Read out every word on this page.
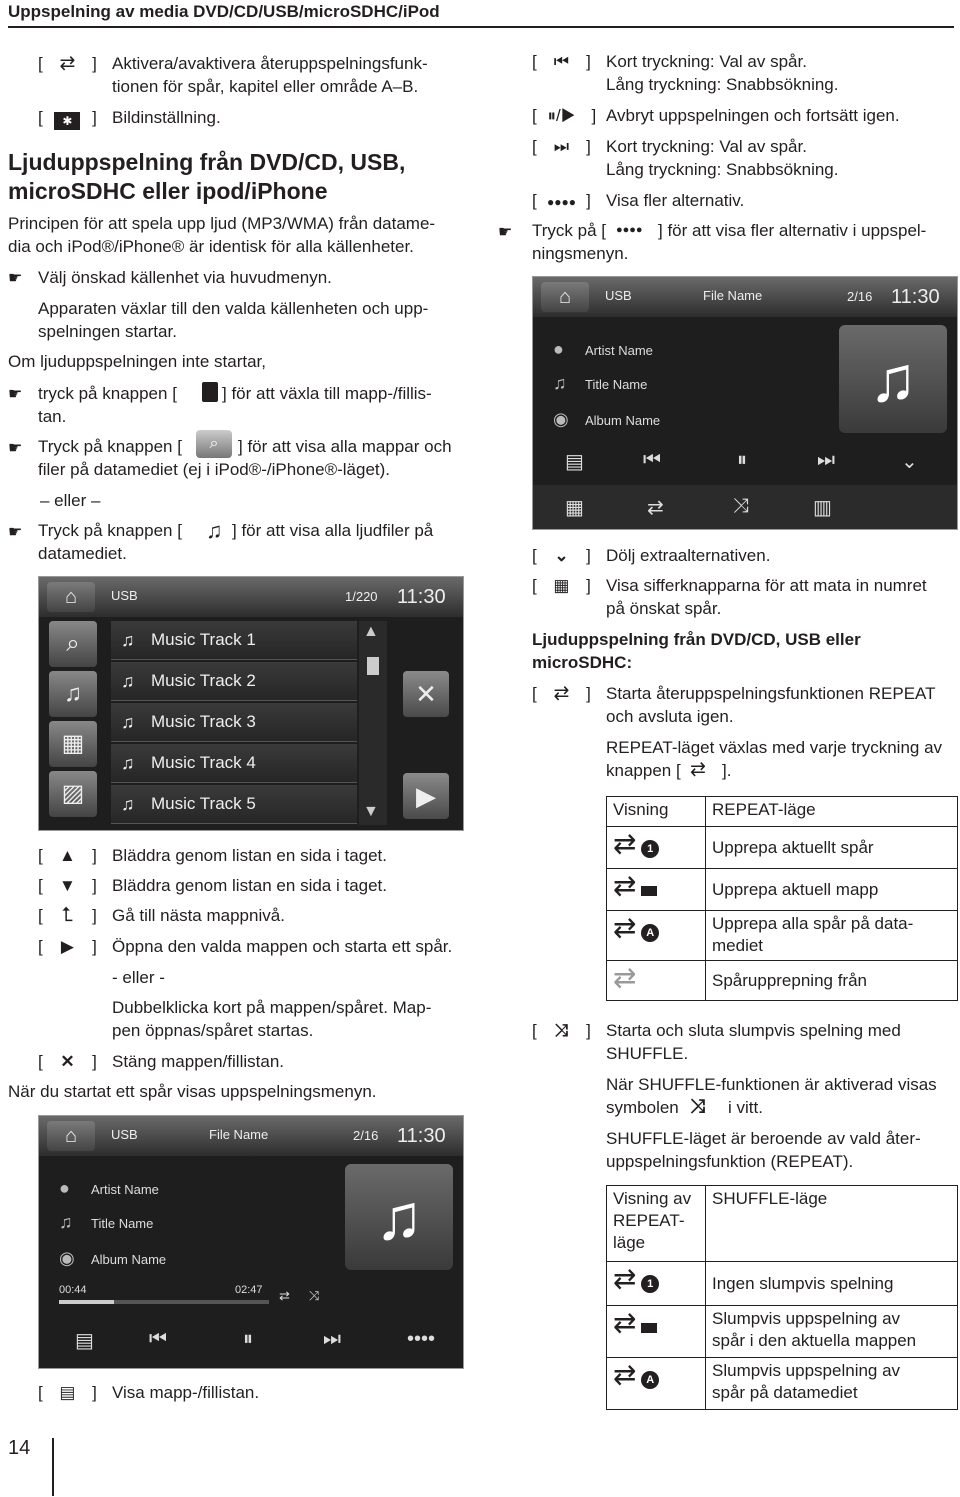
Uppspelning av media DVD/CD/USB/microSDHC/iPod
[ ⇄ ] Aktivera/avaktivera återuppspelningsfunk-
tionen för spår, kapitel eller område A–B.
[ ✱ ] Bildinställning.
Ljuduppspelning från DVD/CD, USB,
microSDHC eller ipod/iPhone
Principen för att spela upp ljud (MP3/WMA) från datame-
dia och iPod®/iPhone® är identisk för alla källenheter.
☛ Välj önskad källenhet via huvudmenyn.
Apparaten växlar till den valda källenheten och upp-
spelningen startar.
Om ljuduppspelningen inte startar,
☛ tryck på knappen [	] för att växla till mapp-/fillis-
tan.
☛ Tryck på knappen [	⌕	] för att visa alla mappar och
filer på datamediet (ej i iPod®-/iPhone®-läget).
– eller –
☛ Tryck på knappen [ ♫ ] för att visa alla ljudfiler på
datamediet.
⌂	USB	1/220 11:30
⌕
♫
▦
▨
♫ Music Track 1
♫ Music Track 2
♫ Music Track 3
♫ Music Track 4
♫ Music Track 5
▲
▼
✕
▶
[ ▲ ] Bläddra genom listan en sida i taget.
[ ▼ ] Bläddra genom listan en sida i taget.
[ ⮤ ] Gå till nästa mappnivå.
[ ▶ ] Öppna den valda mappen och starta ett spår.
- eller -
Dubbelklicka kort på mappen/spåret. Map-
pen öppnas/spåret startas.
[ ✕ ] Stäng mappen/fillistan.
När du startat ett spår visas uppspelningsmenyn.
⌂	USB	File Name	2/16 11:30
● Artist Name
♫ Title Name
◉ Album Name
♫
00:44	02:47 ⇄ ⤨
▤	⏮	⏸	⏭	••••
[ ▤ ] Visa mapp-/fillistan.
[ ⏮ ] Kort tryckning: Val av spår.
Lång tryckning: Snabbsökning.
[ ⏸/▶ ] Avbryt uppspelningen och fortsätt igen.
[ ⏭ ] Kort tryckning: Val av spår.
Lång tryckning: Snabbsökning.
[ ●●●● ] Visa fler alternativ.
☛ Tryck på [ ●●●● ] för att visa fler alternativ i uppspel-
ningsmenyn.
⌂	USB	File Name	2/16 11:30
● Artist Name
♫ Title Name
◉ Album Name
♫
▤	⏮	⏸	⏭	⌄
▦	⇄	⤨	▥
[ ⌄ ] Dölj extraalternativen.
[ ▦ ] Visa sifferknapparna för att mata in numret
på önskat spår.
Ljuduppspelning från DVD/CD, USB eller
microSDHC:
[ ⇄ ] Starta återuppspelningsfunktionen REPEAT
och avsluta igen.
REPEAT-läget växlas med varje tryckning av
knappen [ ⇄ ].
Visning	REPEAT-läge
⇄ 1	Upprepa aktuellt spår
⇄	Upprepa aktuell mapp
⇄ A	Upprepa alla spår på data-
mediet
⇄	Spårupprepning från
[ ⤨ ] Starta och sluta slumpvis spelning med
SHUFFLE.
När SHUFFLE-funktionen är aktiverad visas
symbolen ⤨ i vitt.
SHUFFLE-läget är beroende av vald åter-
uppspelningsfunktion (REPEAT).
Visning av
REPEAT-
läge	SHUFFLE-läge
⇄ 1	Ingen slumpvis spelning
⇄	Slumpvis uppspelning av
spår i den aktuella mappen
⇄ A	Slumpvis uppspelning av
spår på datamediet
14
